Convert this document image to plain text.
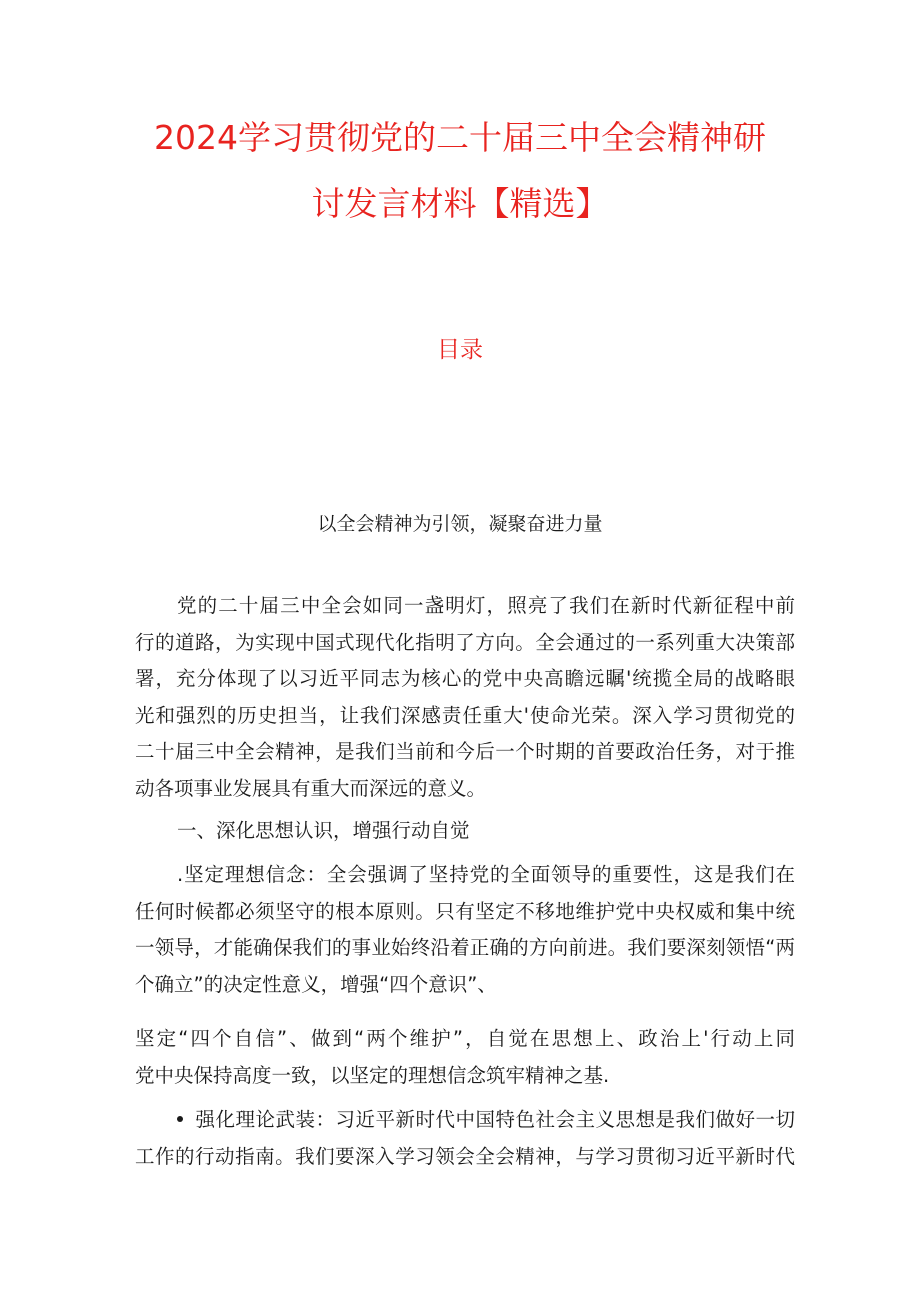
2024学习贯彻党的二十届三中全会精神研
讨发言材料【精选】
目录
以全会精神为引领，凝聚奋进力量
党的二十届三中全会如同一盏明灯，照亮了我们在新时代新征程中前
行的道路，为实现中国式现代化指明了方向。全会通过的一系列重大决策部
署，充分体现了以习近平同志为核心的党中央高瞻远瞩'统揽全局的战略眼
光和强烈的历史担当，让我们深感责任重大'使命光荣。深入学习贯彻党的
二十届三中全会精神，是我们当前和今后一个时期的首要政治任务，对于推
动各项事业发展具有重大而深远的意义。
一、深化思想认识，增强行动自觉
.坚定理想信念：全会强调了坚持党的全面领导的重要性，这是我们在
任何时候都必须坚守的根本原则。只有坚定不移地维护党中央权威和集中统
一领导，才能确保我们的事业始终沿着正确的方向前进。我们要深刻领悟“两
个确立”的决定性意义，增强“四个意识”、
坚定“四个自信”、做到“两个维护”，自觉在思想上、政治上'行动上同
党中央保持高度一致，以坚定的理想信念筑牢精神之基.
强化理论武装：习近平新时代中国特色社会主义思想是我们做好一切
工作的行动指南。我们要深入学习领会全会精神，与学习贯彻习近平新时代
